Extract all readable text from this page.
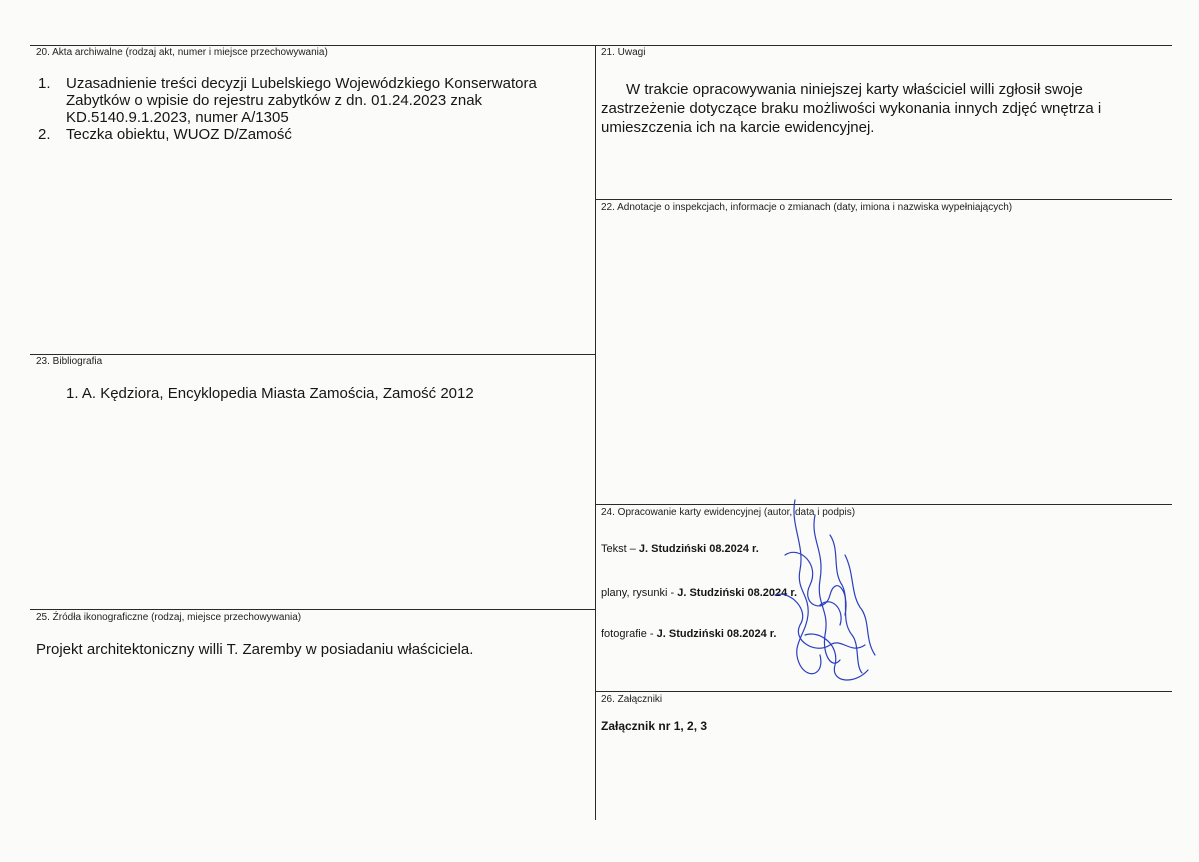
20. Akta archiwalne (rodzaj akt, numer i miejsce przechowywania)
1. Uzasadnienie treści decyzji Lubelskiego Wojewódzkiego Konserwatora
Zabytków o wpisie do rejestru zabytków z dn. 01.24.2023 znak
KD.5140.9.1.2023, numer A/1305
2. Teczka obiektu, WUOZ D/Zamość
21. Uwagi
W trakcie opracowywania niniejszej karty właściciel willi zgłosił swoje
zastrzeżenie dotyczące braku możliwości wykonania innych zdjęć wnętrza i
umieszczenia ich na karcie ewidencyjnej.
22. Adnotacje o inspekcjach, informacje o zmianach (daty, imiona i nazwiska wypełniających)
23. Bibliografia
1. A. Kędziora, Encyklopedia Miasta Zamościa, Zamość 2012
24. Opracowanie karty ewidencyjnej (autor, data i podpis)
Tekst – J. Studziński 08.2024 r.
plany, rysunki - J. Studziński 08.2024 r.
fotografie - J. Studziński 08.2024 r.
25. Źródła ikonograficzne (rodzaj, miejsce przechowywania)
Projekt architektoniczny willi T. Zaremby w posiadaniu właściciela.
26. Załączniki
Załącznik nr 1, 2, 3
